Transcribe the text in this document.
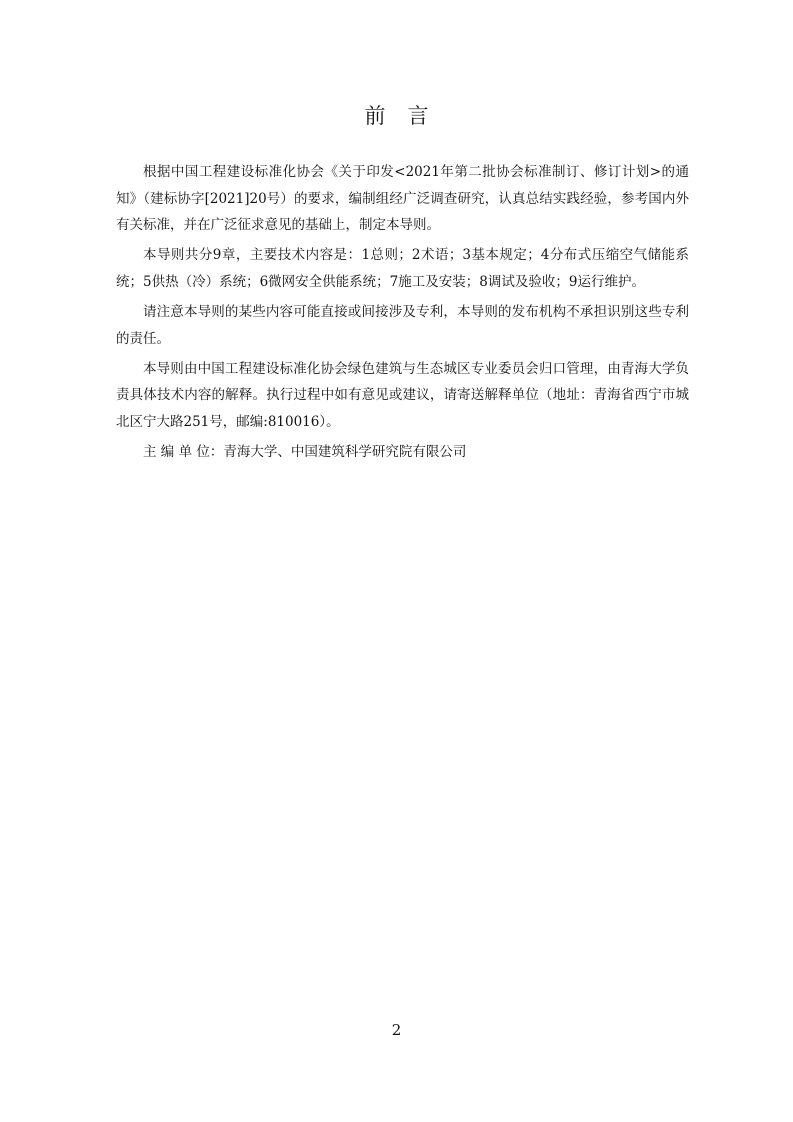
前言

根据中国工程建设标准化协会《关于印发<2021年第二批协会标准制订、修订计划>的通知》（建标协字[2021]20号）的要求，编制组经广泛调查研究，认真总结实践经验，参考国内外有关标准，并在广泛征求意见的基础上，制定本导则。

本导则共分9章，主要技术内容是：1总则；2术语；3基本规定；4分布式压缩空气储能系统；5供热（冷）系统；6微网安全供能系统；7施工及安装；8调试及验收；9运行维护。

请注意本导则的某些内容可能直接或间接涉及专利，本导则的发布机构不承担识别这些专利的责任。

本导则由中国工程建设标准化协会绿色建筑与生态城区专业委员会归口管理，由青海大学负责具体技术内容的解释。执行过程中如有意见或建议，请寄送解释单位（地址：青海省西宁市城北区宁大路251号，邮编:810016）。

主 编 单 位：青海大学、中国建筑科学研究院有限公司

2
